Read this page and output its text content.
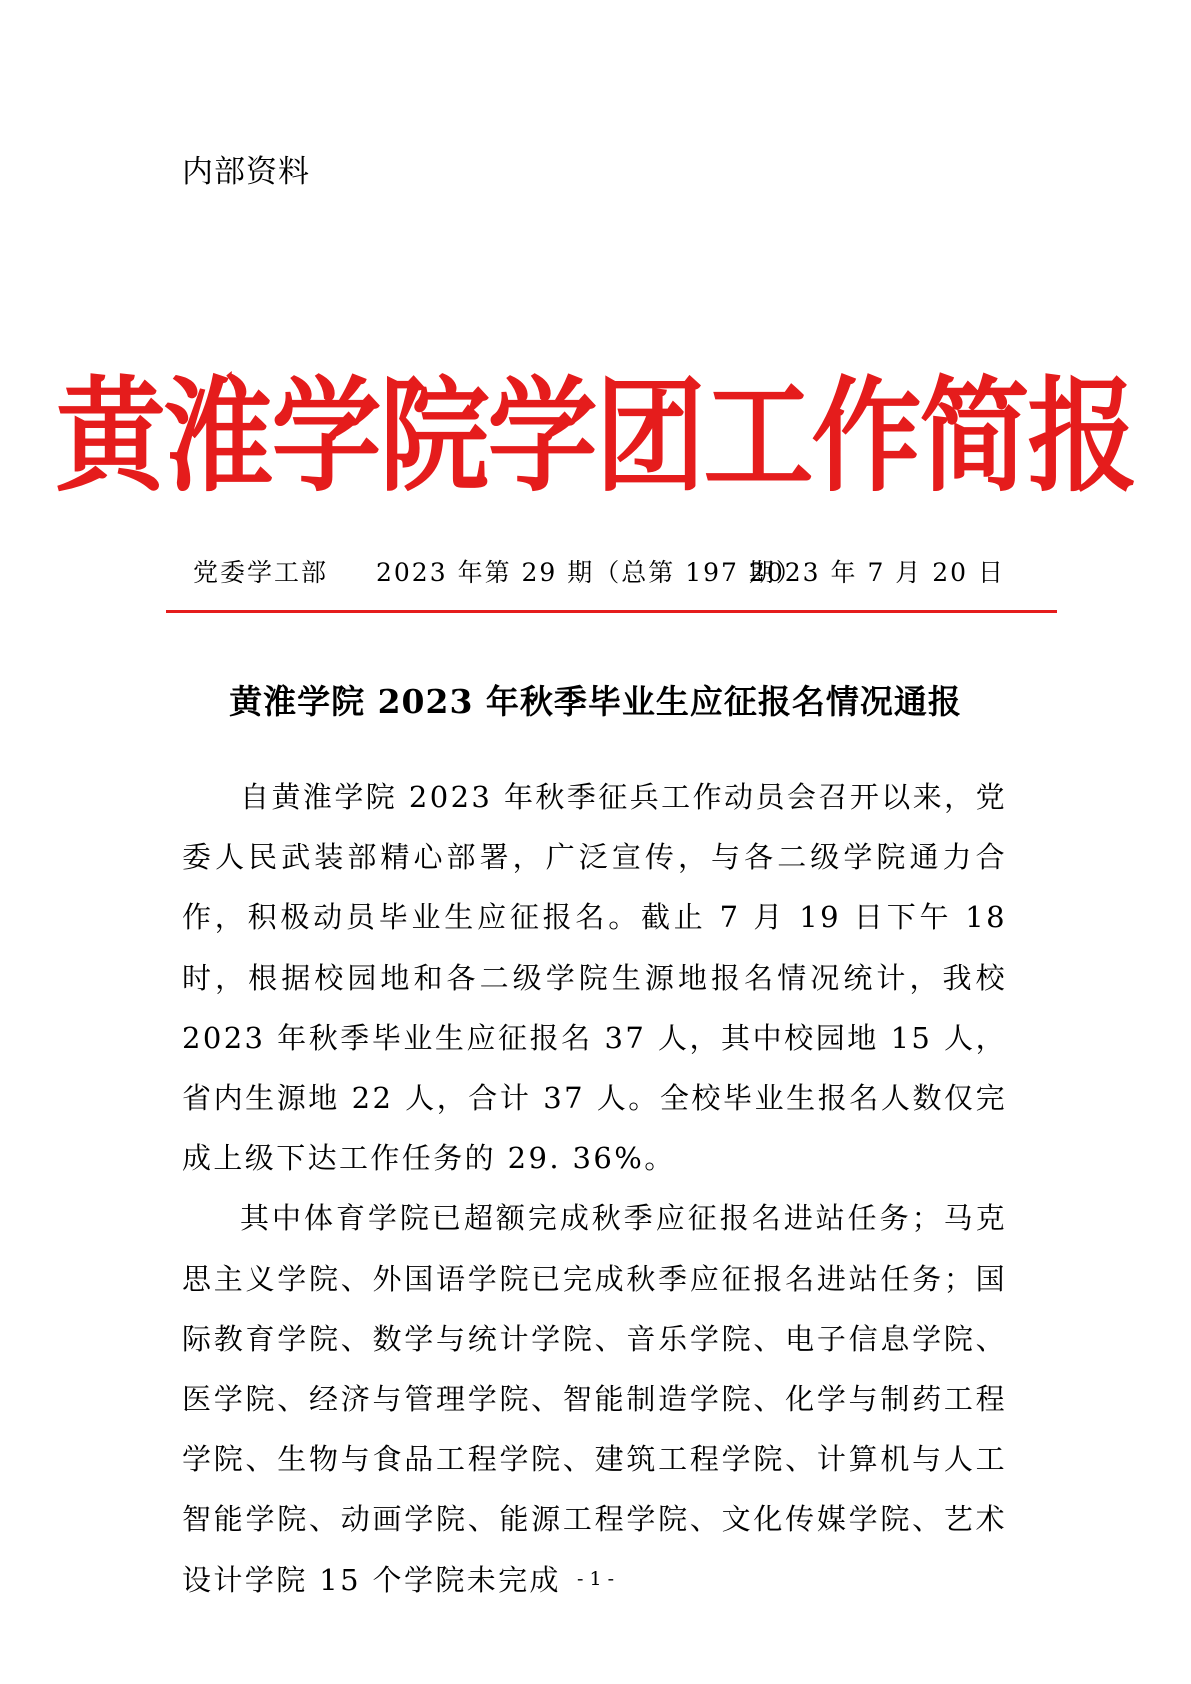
内部资料
黄淮学院学团工作简报
党委学工部 2023 年第 29 期（总第 197 期）
2023 年 7 月 20 日
黄淮学院 2023 年秋季毕业生应征报名情况通报

自黄淮学院 2023 年秋季征兵工作动员会召开以来，党委人民武装部精心部署，广泛宣传，与各二级学院通力合作，积极动员毕业生应征报名。截止 7 月 19 日下午 18 时，根据校园地和各二级学院生源地报名情况统计，我校 2023 年秋季毕业生应征报名 37 人，其中校园地 15 人，省内生源地 22 人，合计 37 人。全校毕业生报名人数仅完成上级下达工作任务的 29. 36%。

其中体育学院已超额完成秋季应征报名进站任务；马克思主义学院、外国语学院已完成秋季应征报名进站任务；国际教育学院、数学与统计学院、音乐学院、电子信息学院、医学院、经济与管理学院、智能制造学院、化学与制药工程学院、生物与食品工程学院、建筑工程学院、计算机与人工智能学院、动画学院、能源工程学院、文化传媒学院、艺术设计学院 15 个学院未完成 - 1 -
